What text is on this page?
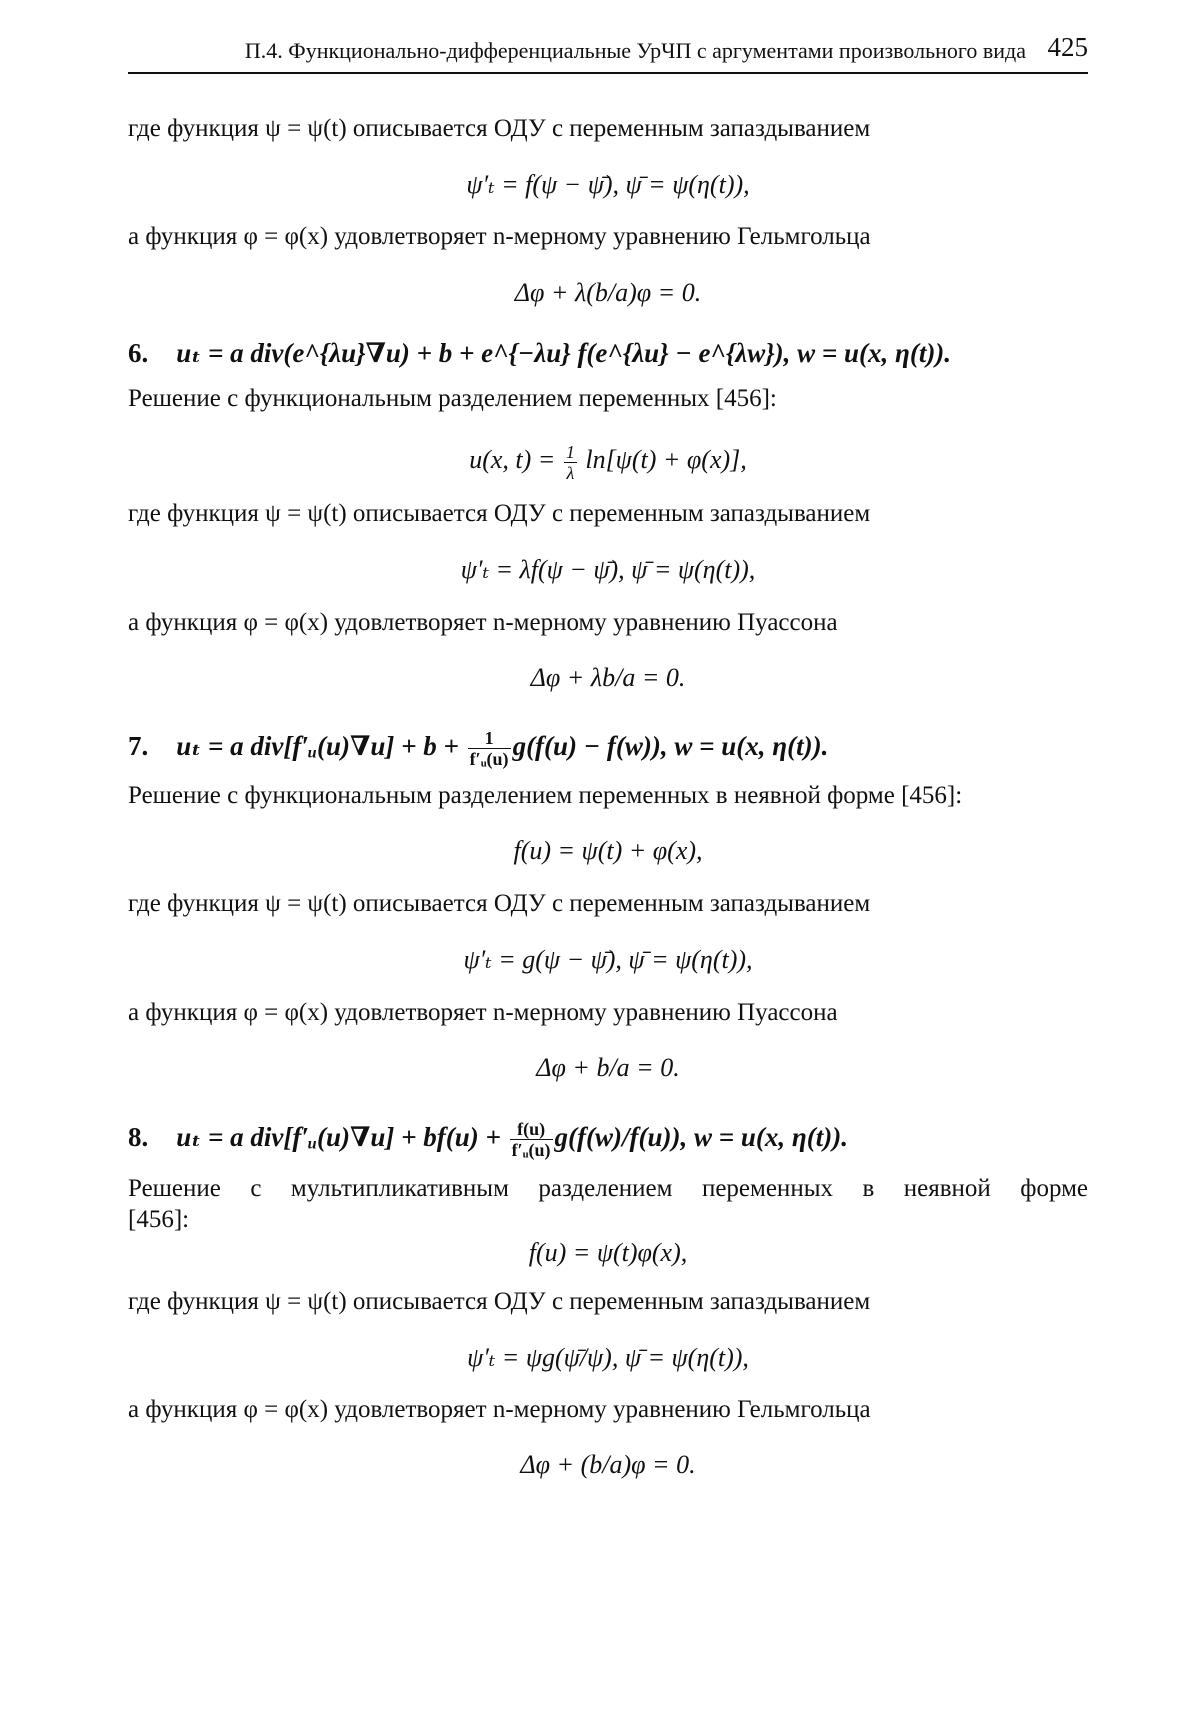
П.4. Функционально-дифференциальные УрЧП с аргументами произвольного вида 425
где функция ψ = ψ(t) описывается ОДУ с переменным запаздыванием
ψ′ₜ = f(ψ − ψ̄), ψ̄ = ψ(η(t)),
а функция φ = φ(x) удовлетворяет n-мерному уравнению Гельмгольца
Δφ + λ(b/a)φ = 0.
6. uₜ = a div(e^{λu}∇u) + b + e^{−λu} f(e^{λu} − e^{λw}), w = u(x, η(t)).
Решение с функциональным разделением переменных [456]:
u(x, $t) = \frac{1}{\lambda} \ln[\psi(t) + \varphi(x)]$,
где функция ψ = ψ(t) описывается ОДУ с переменным запаздыванием
ψ′ₜ = λf(ψ − ψ̄), ψ̄ = ψ(η(t)),
а функция φ = φ(x) удовлетворяет n-мерному уравнению Пуассона
Δφ + λb/a = 0.
7. uₜ = a div[f′ᵤ(u)∇u] + $b + \frac{1}{\text{f′ᵤ(u)}} g(f(u) - f(w))$, w = u(x, η(t)).
Решение с функциональным разделением переменных в неявной форме [456]:
f(u) = ψ(t) + φ(x),
где функция ψ = ψ(t) описывается ОДУ с переменным запаздыванием
ψ′ₜ = g(ψ − ψ̄), ψ̄ = ψ(η(t)),
а функция φ = φ(x) удовлетворяет n-мерному уравнению Пуассона
Δφ + b/a = 0.
8. uₜ = a div[f′ᵤ(u)∇u] + $bf(u) + \frac{f(u)}{\text{f′ᵤ(u)}} g(f(w)/f(u))$, w = u(x, η(t)).
Решение с мультипликативным разделением переменных в неявной форме
[456]:
f(u) = ψ(t)φ(x),
где функция ψ = ψ(t) описывается ОДУ с переменным запаздыванием
ψ′ₜ = ψg(ψ̄/ψ), ψ̄ = ψ(η(t)),
а функция φ = φ(x) удовлетворяет n-мерному уравнению Гельмгольца
Δφ + (b/a)φ = 0.
